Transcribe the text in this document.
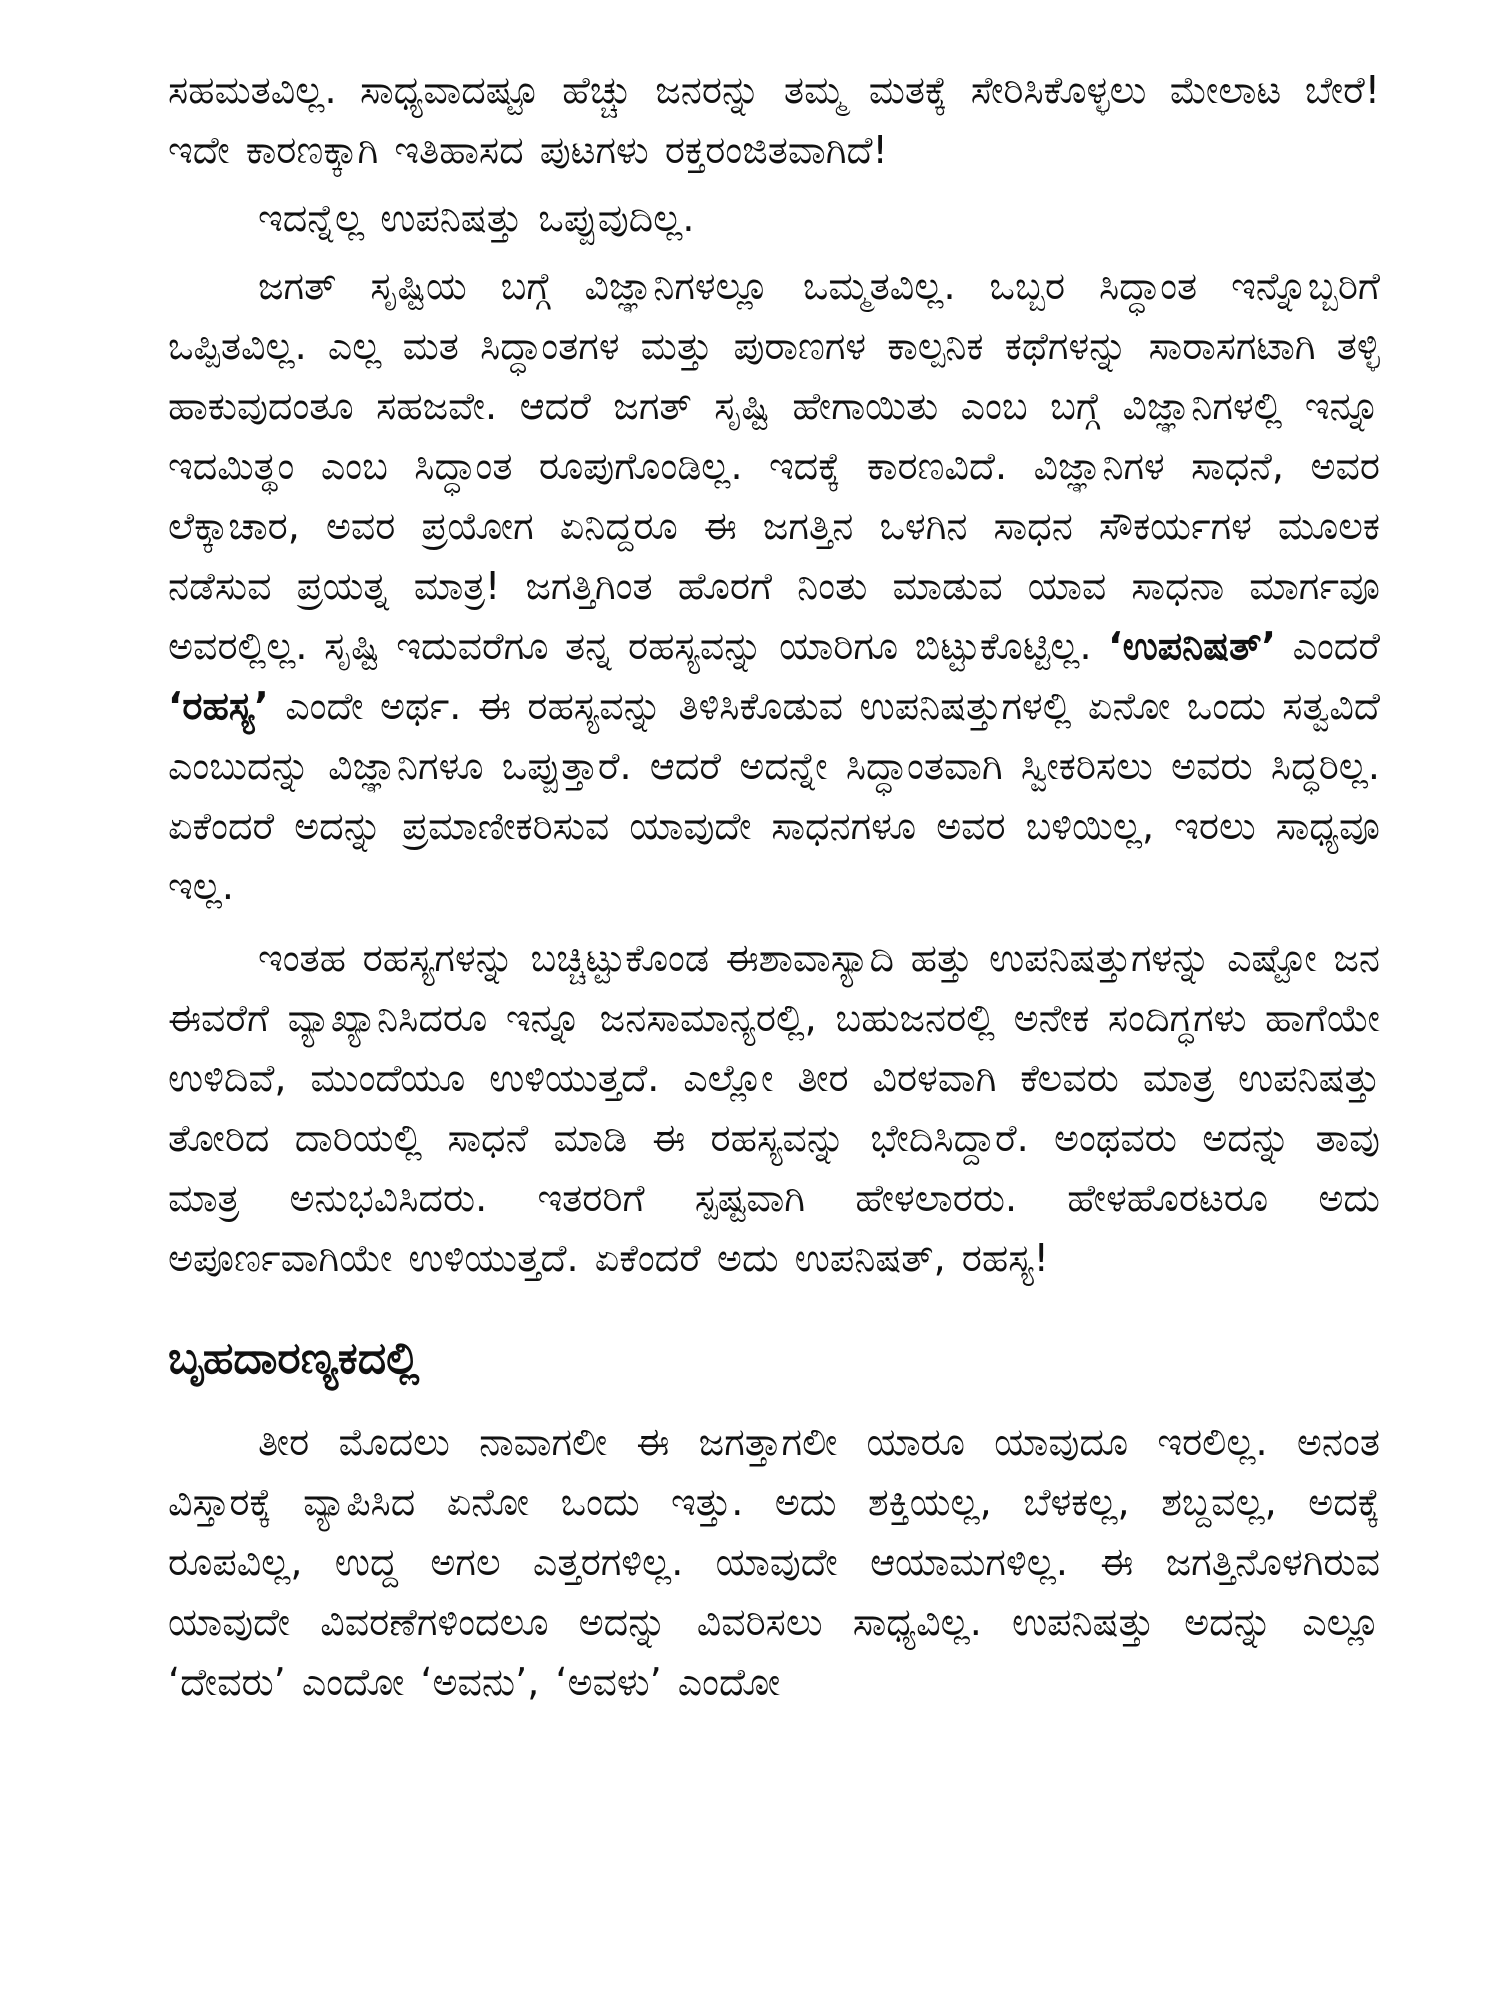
ಸಹಮತವಿಲ್ಲ. ಸಾಧ್ಯವಾದಷ್ಟೂ ಹೆಚ್ಚು ಜನರನ್ನು ತಮ್ಮ ಮತಕ್ಕೆ ಸೇರಿಸಿಕೊಳ್ಳಲು ಮೇಲಾಟ ಬೇರೆ! ಇದೇ ಕಾರಣಕ್ಕಾಗಿ ಇತಿಹಾಸದ ಪುಟಗಳು ರಕ್ತರಂಜಿತವಾಗಿದೆ!

ಇದನ್ನೆಲ್ಲ ಉಪನಿಷತ್ತು ಒಪ್ಪುವುದಿಲ್ಲ.

ಜಗತ್ ಸೃಷ್ಟಿಯ ಬಗ್ಗೆ ವಿಜ್ಞಾನಿಗಳಲ್ಲೂ ಒಮ್ಮತವಿಲ್ಲ. ಒಬ್ಬರ ಸಿದ್ಧಾಂತ ಇನ್ನೊಬ್ಬರಿಗೆ ಒಪ್ಪಿತವಿಲ್ಲ. ಎಲ್ಲ ಮತ ಸಿದ್ಧಾಂತಗಳ ಮತ್ತು ಪುರಾಣಗಳ ಕಾಲ್ಪನಿಕ ಕಥೆಗಳನ್ನು ಸಾರಾಸಗಟಾಗಿ ತಳ್ಳಿ ಹಾಕುವುದಂತೂ ಸಹಜವೇ. ಆದರೆ ಜಗತ್ ಸೃಷ್ಟಿ ಹೇಗಾಯಿತು ಎಂಬ ಬಗ್ಗೆ ವಿಜ್ಞಾನಿಗಳಲ್ಲಿ ಇನ್ನೂ ಇದಮಿತ್ಥಂ ಎಂಬ ಸಿದ್ಧಾಂತ ರೂಪುಗೊಂಡಿಲ್ಲ. ಇದಕ್ಕೆ ಕಾರಣವಿದೆ. ವಿಜ್ಞಾನಿಗಳ ಸಾಧನೆ, ಅವರ ಲೆಕ್ಕಾಚಾರ, ಅವರ ಪ್ರಯೋಗ ಏನಿದ್ದರೂ ಈ ಜಗತ್ತಿನ ಒಳಗಿನ ಸಾಧನ ಸೌಕರ್ಯಗಳ ಮೂಲಕ ನಡೆಸುವ ಪ್ರಯತ್ನ ಮಾತ್ರ! ಜಗತ್ತಿಗಿಂತ ಹೊರಗೆ ನಿಂತು ಮಾಡುವ ಯಾವ ಸಾಧನಾ ಮಾರ್ಗವೂ ಅವರಲ್ಲಿಲ್ಲ. ಸೃಷ್ಟಿ ಇದುವರೆಗೂ ತನ್ನ ರಹಸ್ಯವನ್ನು ಯಾರಿಗೂ ಬಿಟ್ಟುಕೊಟ್ಟಿಲ್ಲ. ‘ಉಪನಿಷತ್’ ಎಂದರೆ ‘ರಹಸ್ಯ’ ಎಂದೇ ಅರ್ಥ. ಈ ರಹಸ್ಯವನ್ನು ತಿಳಿಸಿಕೊಡುವ ಉಪನಿಷತ್ತುಗಳಲ್ಲಿ ಏನೋ ಒಂದು ಸತ್ವವಿದೆ ಎಂಬುದನ್ನು ವಿಜ್ಞಾನಿಗಳೂ ಒಪ್ಪುತ್ತಾರೆ. ಆದರೆ ಅದನ್ನೇ ಸಿದ್ಧಾಂತವಾಗಿ ಸ್ವೀಕರಿಸಲು ಅವರು ಸಿದ್ಧರಿಲ್ಲ. ಏಕೆಂದರೆ ಅದನ್ನು ಪ್ರಮಾಣೀಕರಿಸುವ ಯಾವುದೇ ಸಾಧನಗಳೂ ಅವರ ಬಳಿಯಿಲ್ಲ, ಇರಲು ಸಾಧ್ಯವೂ ಇಲ್ಲ.

ಇಂತಹ ರಹಸ್ಯಗಳನ್ನು ಬಚ್ಚಿಟ್ಟುಕೊಂಡ ಈಶಾವಾಸ್ಯಾದಿ ಹತ್ತು ಉಪನಿಷತ್ತುಗಳನ್ನು ಎಷ್ಟೋ ಜನ ಈವರೆಗೆ ವ್ಯಾಖ್ಯಾನಿಸಿದರೂ ಇನ್ನೂ ಜನಸಾಮಾನ್ಯರಲ್ಲಿ, ಬಹುಜನರಲ್ಲಿ ಅನೇಕ ಸಂದಿಗ್ಧಗಳು ಹಾಗೆಯೇ ಉಳಿದಿವೆ, ಮುಂದೆಯೂ ಉಳಿಯುತ್ತದೆ. ಎಲ್ಲೋ ತೀರ ವಿರಳವಾಗಿ ಕೆಲವರು ಮಾತ್ರ ಉಪನಿಷತ್ತು ತೋರಿದ ದಾರಿಯಲ್ಲಿ ಸಾಧನೆ ಮಾಡಿ ಈ ರಹಸ್ಯವನ್ನು ಭೇದಿಸಿದ್ದಾರೆ. ಅಂಥವರು ಅದನ್ನು ತಾವು ಮಾತ್ರ ಅನುಭವಿಸಿದರು. ಇತರರಿಗೆ ಸ್ಪಷ್ಟವಾಗಿ ಹೇಳಲಾರರು. ಹೇಳಹೊರಟರೂ ಅದು ಅಪೂರ್ಣವಾಗಿಯೇ ಉಳಿಯುತ್ತದೆ. ಏಕೆಂದರೆ ಅದು ಉಪನಿಷತ್, ರಹಸ್ಯ!

ಬೃಹದಾರಣ್ಯಕದಲ್ಲಿ

ತೀರ ಮೊದಲು ನಾವಾಗಲೀ ಈ ಜಗತ್ತಾಗಲೀ ಯಾರೂ ಯಾವುದೂ ಇರಲಿಲ್ಲ. ಅನಂತ ವಿಸ್ತಾರಕ್ಕೆ ವ್ಯಾಪಿಸಿದ ಏನೋ ಒಂದು ಇತ್ತು. ಅದು ಶಕ್ತಿಯಲ್ಲ, ಬೆಳಕಲ್ಲ, ಶಬ್ದವಲ್ಲ, ಅದಕ್ಕೆ ರೂಪವಿಲ್ಲ, ಉದ್ದ ಅಗಲ ಎತ್ತರಗಳಿಲ್ಲ. ಯಾವುದೇ ಆಯಾಮಗಳಿಲ್ಲ. ಈ ಜಗತ್ತಿನೊಳಗಿರುವ ಯಾವುದೇ ವಿವರಣೆಗಳಿಂದಲೂ ಅದನ್ನು ವಿವರಿಸಲು ಸಾಧ್ಯವಿಲ್ಲ. ಉಪನಿಷತ್ತು ಅದನ್ನು ಎಲ್ಲೂ ‘ದೇವರು’ ಎಂದೋ ‘ಅವನು’, ‘ಅವಳು’ ಎಂದೋ
